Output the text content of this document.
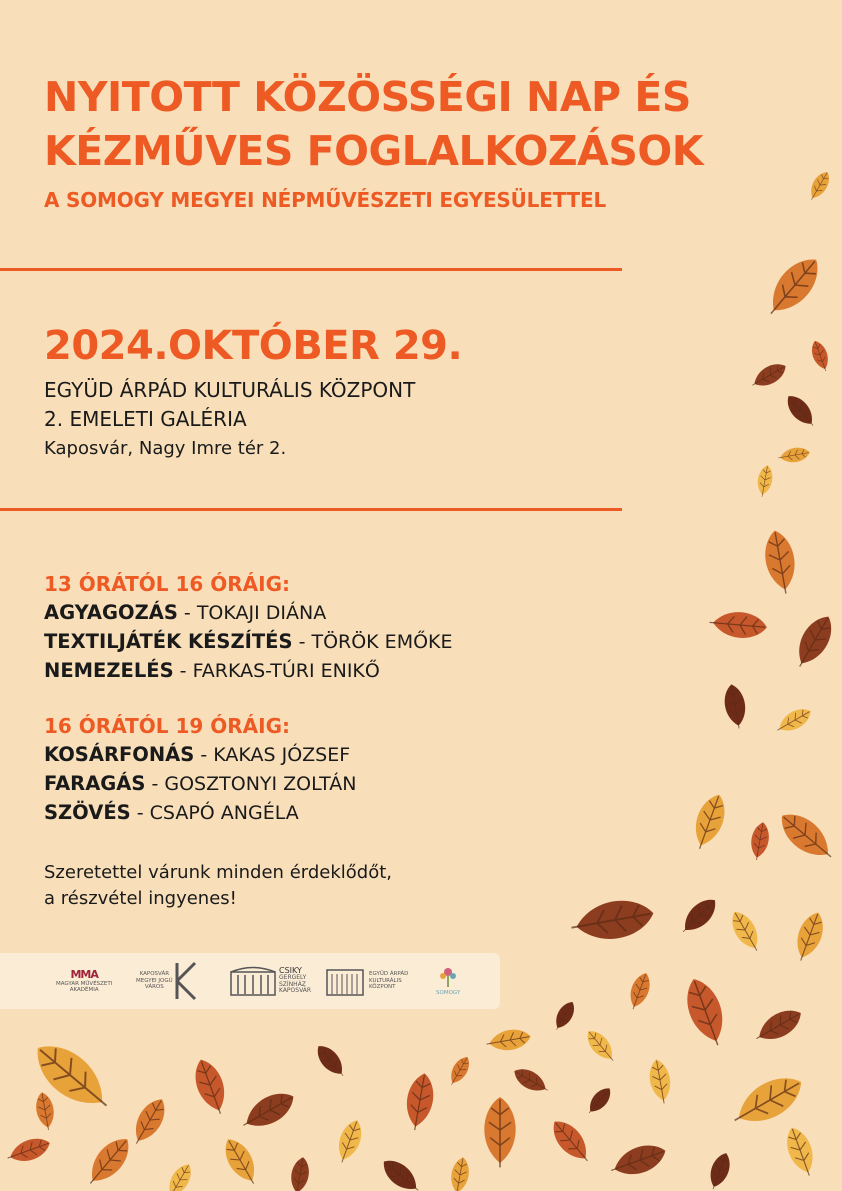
NYITOTT KÖZÖSSÉGI NAP ÉS
KÉZMŰVES FOGLALKOZÁSOK
A SOMOGY MEGYEI NÉPMŰVÉSZETI EGYESÜLETTEL
2024.OKTÓBER 29.
EGYÜD ÁRPÁD KULTURÁLIS KÖZPONT
2. EMELETI GALÉRIA
Kaposvár, Nagy Imre tér 2.
13 ÓRÁTÓL 16 ÓRÁIG:
AGYAGOZÁS - TOKAJI DIÁNA
TEXTILJÁTÉK KÉSZÍTÉS - TÖRÖK EMŐKE
NEMEZELÉS - FARKAS-TÚRI ENIKŐ
16 ÓRÁTÓL 19 ÓRÁIG:
KOSÁRFONÁS - KAKAS JÓZSEF
FARAGÁS - GOSZTONYI ZOLTÁN
SZÖVÉS - CSAPÓ ANGÉLA
Szeretettel várunk minden érdeklődőt,
a részvétel ingyenes!
MMA
MAGYAR MŰVÉSZETI
AKADÉMIA
KAPOSVÁR
MEGYEI JOGÚ
VÁROS
CSIKY
GERGELY
SZÍNHÁZ
KAPOSVÁR
EGYÜD ÁRPÁD
KULTURÁLIS
KÖZPONT
SOMOGY
